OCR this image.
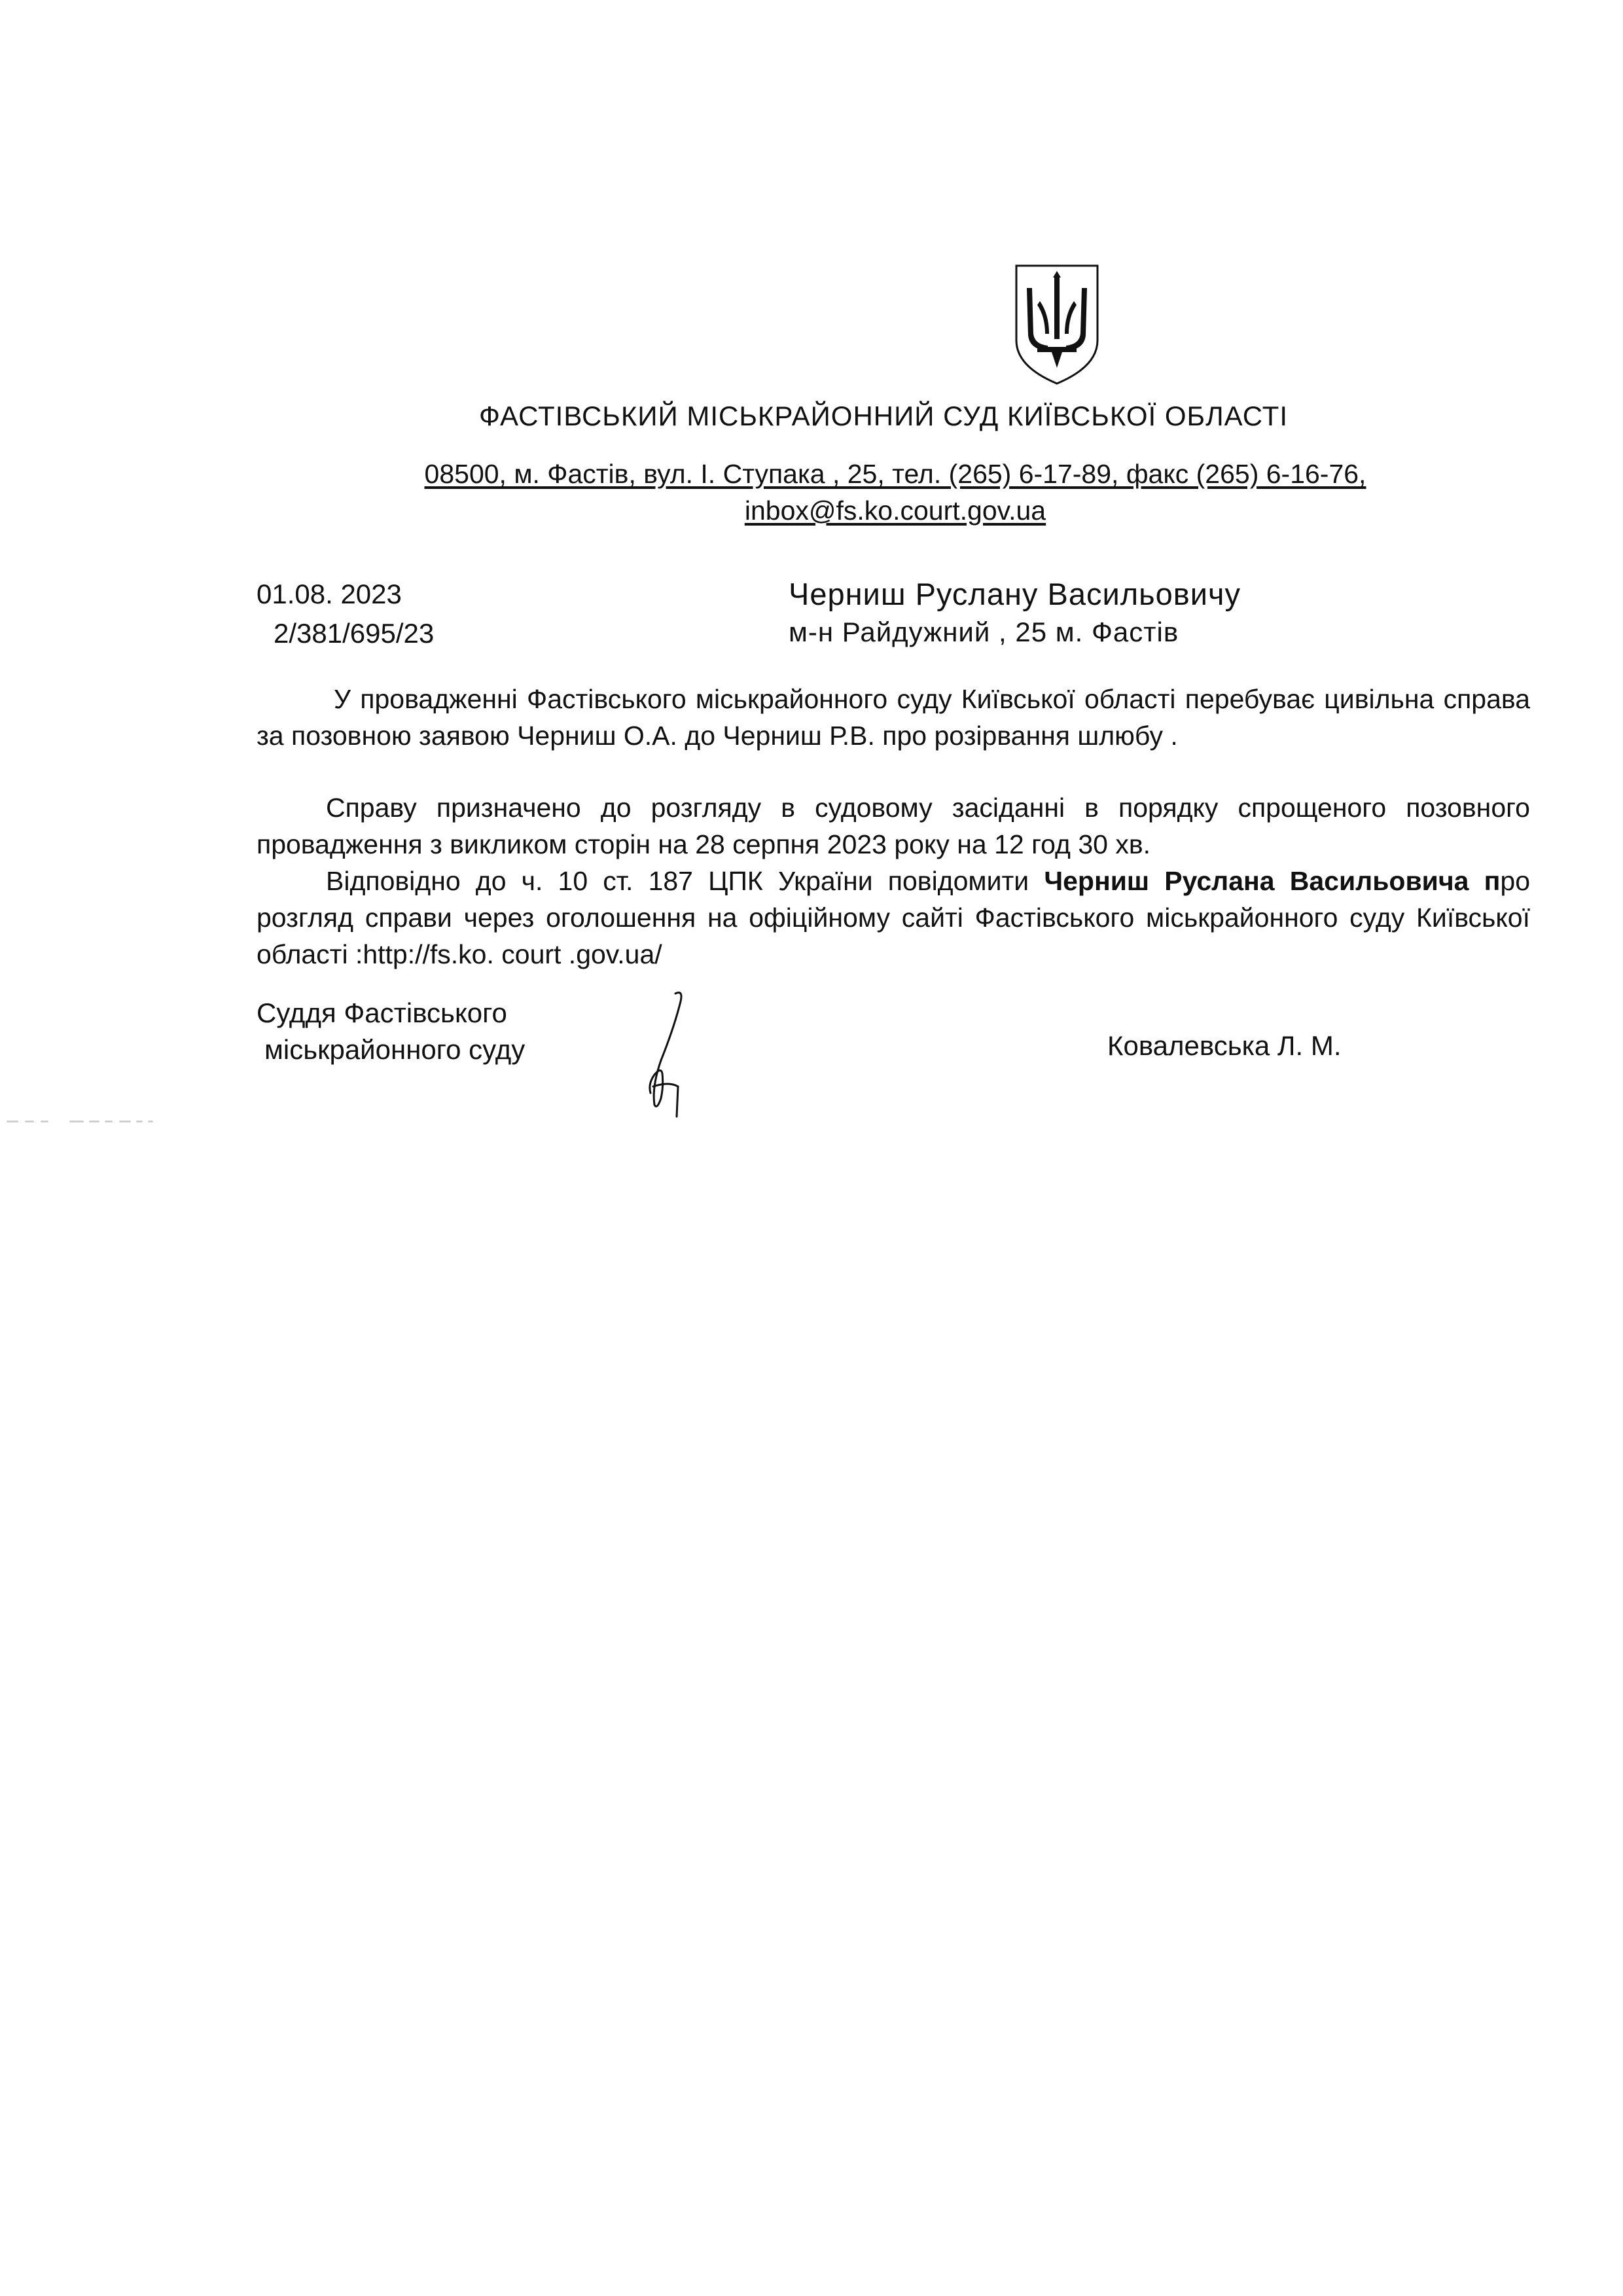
ФАСТІВСЬКИЙ МІСЬКРАЙОННИЙ СУД КИЇВСЬКОЇ ОБЛАСТІ
08500, м. Фастів, вул. І. Ступака , 25, тел. (265) 6-17-89, факс (265) 6-16-76,
inbox@fs.ko.court.gov.ua
01.08. 2023
2/381/695/23
Черниш Руслану Васильовичу
м-н Райдужний , 25 м. Фастів
У провадженні Фастівського міськрайонного суду Київської області перебуває цивільна справа за позовною заявою Черниш О.А. до Черниш Р.В. про розірвання шлюбу .
Справу призначено до розгляду в судовому засіданні в порядку спрощеного позовного провадження з викликом сторін на 28 серпня 2023 року на 12 год 30 хв.
Відповідно до ч. 10 ст. 187 ЦПК України повідомити Черниш Руслана Васильовича про розгляд справи через оголошення на офіційному сайті Фастівського міськрайонного суду Київської області :http://fs.ko. court .gov.ua/
Суддя Фастівського
міськрайонного суду	Ковалевська Л. М.
